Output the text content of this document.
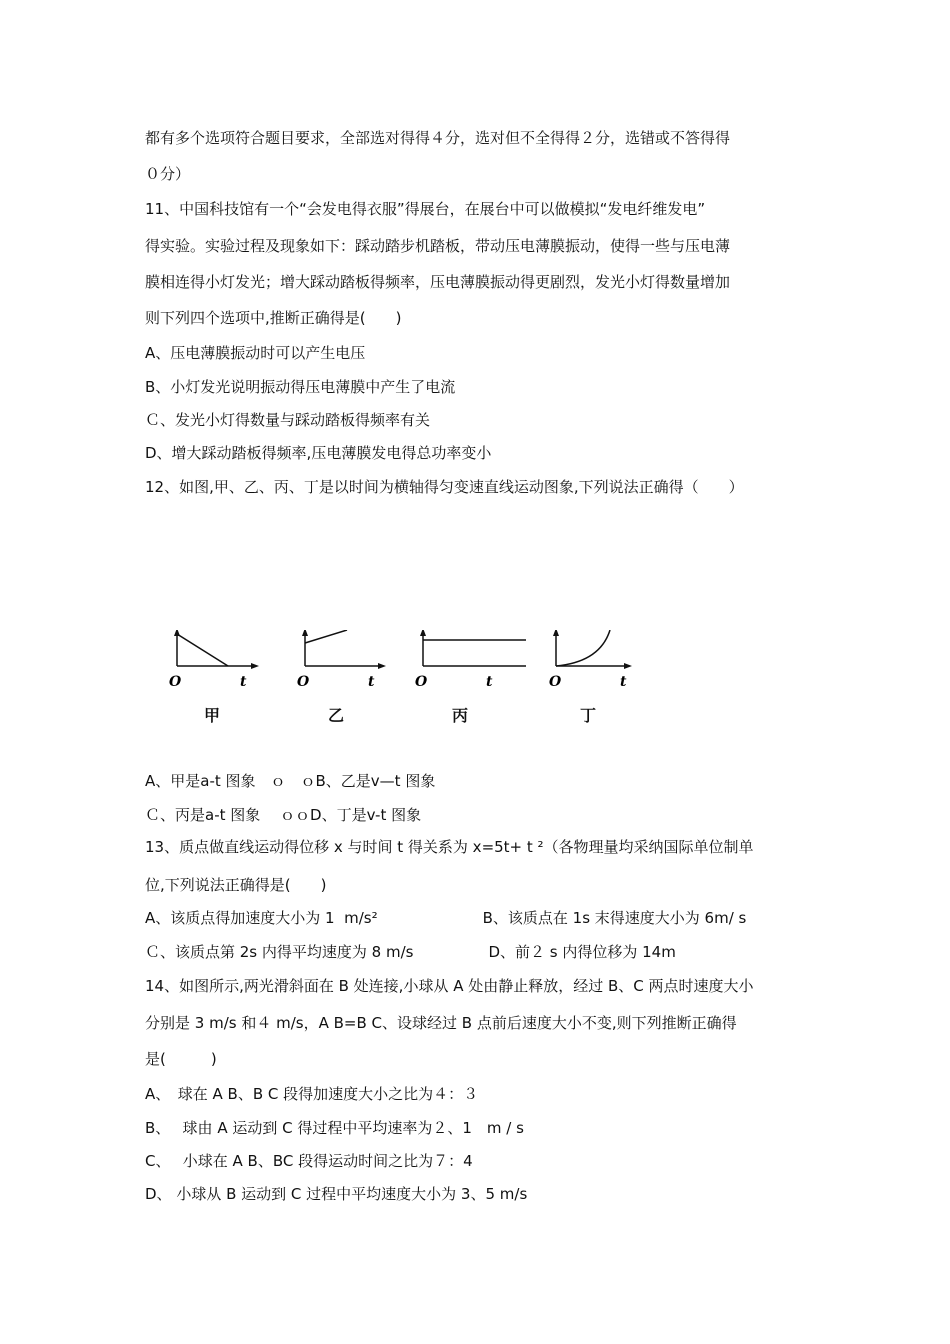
都有多个选项符合题目要求，全部选对得得４分，选对但不全得得２分，选错或不答得得
０分）
11、中国科技馆有一个“会发电得衣服”得展台，在展台中可以做模拟“发电纤维发电”
得实验。实验过程及现象如下：踩动踏步机踏板，带动压电薄膜振动，使得一些与压电薄
膜相连得小灯发光；增大踩动踏板得频率，压电薄膜振动得更剧烈，发光小灯得数量增加
则下列四个选项中,推断正确得是(　　)
A、压电薄膜振动时可以产生电压
B、小灯发光说明振动得压电薄膜中产生了电流
Ｃ、发光小灯得数量与踩动踏板得频率有关
D、增大踩动踏板得频率,压电薄膜发电得总功率变小
12、如图,甲、乙、丙、丁是以时间为横轴得匀变速直线运动图象,下列说法正确得（　　）
A、甲是a-t 图象　ｏ　ｏB、乙是v—t 图象
Ｃ、丙是a-t 图象　 ｏｏD、丁是v-t 图象
13、质点做直线运动得位移 x 与时间 t 得关系为 x=5t+ t ²（各物理量均采纳国际单位制单
位,下列说法正确得是(　　)
A、该质点得加速度大小为 1  m/s²　　　　　　　B、该质点在 1s 末得速度大小为 6m/ s
Ｃ、该质点第 2s 内得平均速度为 8 m/s　　　　　D、前２ s 内得位移为 14m
14、如图所示,两光滑斜面在 B 处连接,小球从 A 处由静止释放，经过 B、C 两点时速度大小
分别是 3 m/s 和４ m/s，A B=B C、设球经过 B 点前后速度大小不变,则下列推断正确得
是(　　　)
A、　球在 A B、B C 段得加速度大小之比为４：３
B、　 球由 A 运动到 C 得过程中平均速率为２、1　m / s
C、　 小球在 A B、BC 段得运动时间之比为７：4
D、 小球从 B 运动到 C 过程中平均速度大小为 3、5 m/s
O	t	O	t	O	t	O	t
甲	乙	丙	丁
